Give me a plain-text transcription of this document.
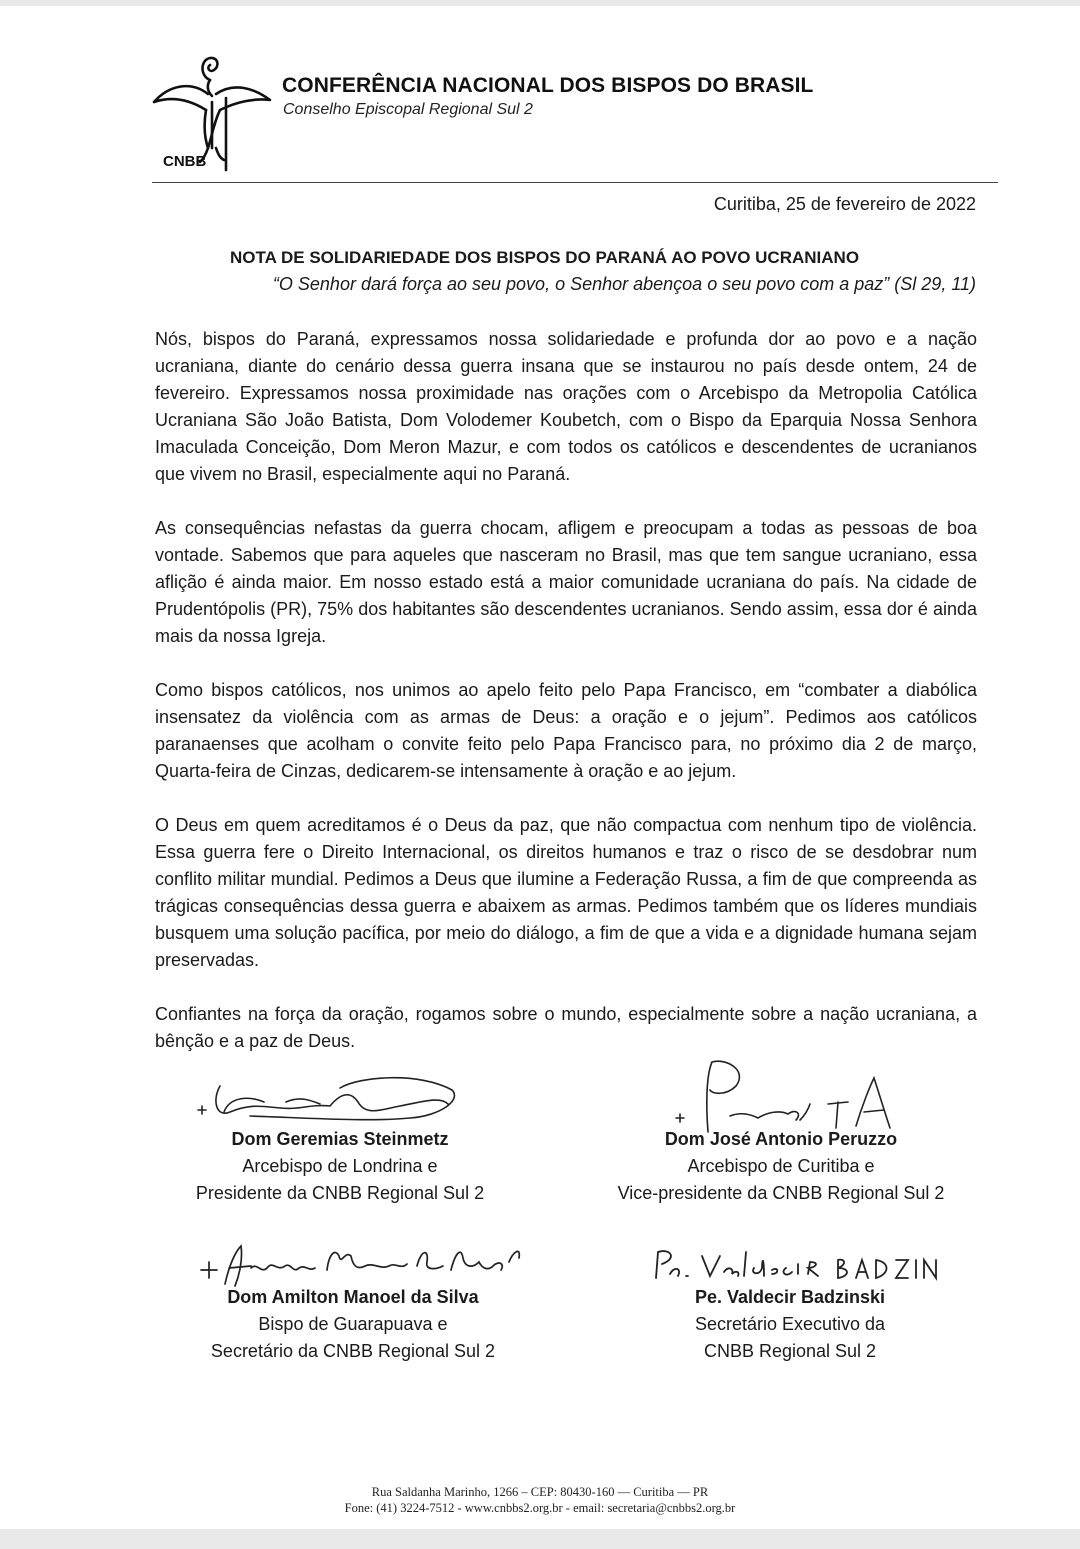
CNBB
CONFERÊNCIA NACIONAL DOS BISPOS DO BRASIL
Conselho Episcopal Regional Sul 2
Curitiba, 25 de fevereiro de 2022
NOTA DE SOLIDARIEDADE DOS BISPOS DO PARANÁ AO POVO UCRANIANO
“O Senhor dará força ao seu povo, o Senhor abençoa o seu povo com a paz” (Sl 29, 11)

Nós, bispos do Paraná, expressamos nossa solidariedade e profunda dor ao povo e a nação ucraniana, diante do cenário dessa guerra insana que se instaurou no país desde ontem, 24 de fevereiro. Expressamos nossa proximidade nas orações com o Arcebispo da Metropolia Católica Ucraniana São João Batista, Dom Volodemer Koubetch, com o Bispo da Eparquia Nossa Senhora Imaculada Conceição, Dom Meron Mazur, e com todos os católicos e descendentes de ucranianos que vivem no Brasil, especialmente aqui no Paraná.

As consequências nefastas da guerra chocam, afligem e preocupam a todas as pessoas de boa vontade. Sabemos que para aqueles que nasceram no Brasil, mas que tem sangue ucraniano, essa aflição é ainda maior. Em nosso estado está a maior comunidade ucraniana do país. Na cidade de Prudentópolis (PR), 75% dos habitantes são descendentes ucranianos. Sendo assim, essa dor é ainda mais da nossa Igreja.

Como bispos católicos, nos unimos ao apelo feito pelo Papa Francisco, em “combater a diabólica insensatez da violência com as armas de Deus: a oração e o jejum”. Pedimos aos católicos paranaenses que acolham o convite feito pelo Papa Francisco para, no próximo dia 2 de março, Quarta-feira de Cinzas, dedicarem-se intensamente à oração e ao jejum.

O Deus em quem acreditamos é o Deus da paz, que não compactua com nenhum tipo de violência. Essa guerra fere o Direito Internacional, os direitos humanos e traz o risco de se desdobrar num conflito militar mundial. Pedimos a Deus que ilumine a Federação Russa, a fim de que compreenda as trágicas consequências dessa guerra e abaixem as armas. Pedimos também que os líderes mundiais busquem uma solução pacífica, por meio do diálogo, a fim de que a vida e a dignidade humana sejam preservadas.

Confiantes na força da oração, rogamos sobre o mundo, especialmente sobre a nação ucraniana, a bênção e a paz de Deus.

Dom Geremias Steinmetz
Arcebispo de Londrina e
Presidente da CNBB Regional Sul 2
Dom José Antonio Peruzzo
Arcebispo de Curitiba e
Vice-presidente da CNBB Regional Sul 2
Dom Amilton Manoel da Silva
Bispo de Guarapuava e
Secretário da CNBB Regional Sul 2
Pe. Valdecir Badzinski
Secretário Executivo da
CNBB Regional Sul 2
Rua Saldanha Marinho, 1266 – CEP: 80430-160 — Curitiba — PR
Fone: (41) 3224-7512 - www.cnbbs2.org.br - email: secretaria@cnbbs2.org.br
